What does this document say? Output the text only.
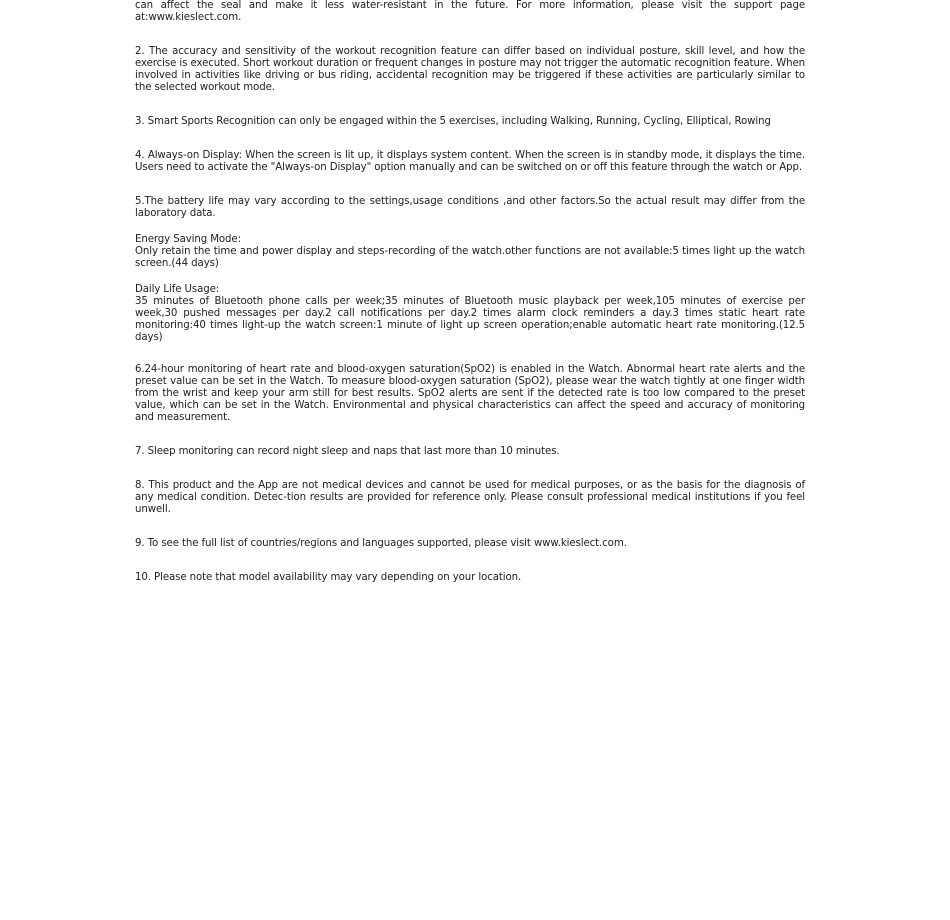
can affect the seal and make it less water-resistant in the future. For more information, please visit the support page at:www.kieslect.com.

2. The accuracy and sensitivity of the workout recognition feature can differ based on individual posture, skill level, and how the exercise is executed. Short workout duration or frequent changes in posture may not trigger the automatic recognition feature. When involved in activities like driving or bus riding, accidental recognition may be triggered if these activities are particularly similar to the selected workout mode.

3. Smart Sports Recognition can only be engaged within the 5 exercises, including Walking, Running, Cycling, Elliptical, Rowing

4. Always-on Display: When the screen is lit up, it displays system content. When the screen is in standby mode, it displays the time. Users need to activate the "Always-on Display" option manually and can be switched on or off this feature through the watch or App.

5.The battery life may vary according to the settings,usage conditions ,and other factors.So the actual result may differ from the laboratory data.

Energy Saving Mode:
Only retain the time and power display and steps-recording of the watch.other functions are not available:5 times light up the watch screen.(44 days)

Daily Life Usage:
35 minutes of Bluetooth phone calls per week;35 minutes of Bluetooth music playback per week,105 minutes of exercise per week,30 pushed messages per day.2 call notifications per day.2 times alarm clock reminders a day.3 times static heart rate monitoring:40 times light-up the watch screen:1 minute of light up screen operation;enable automatic heart rate monitoring.(12.5 days)

6.24-hour monitoring of heart rate and blood-oxygen saturation(SpO2) is enabled in the Watch. Abnormal heart rate alerts and the preset value can be set in the Watch. To measure blood-oxygen saturation (SpO2), please wear the watch tightly at one finger width from the wrist and keep your arm still for best results. SpO2 alerts are sent if the detected rate is too low compared to the preset value, which can be set in the Watch. Environmental and physical characteristics can affect the speed and accuracy of monitoring and measurement.

7. Sleep monitoring can record night sleep and naps that last more than 10 minutes.

8. This product and the App are not medical devices and cannot be used for medical purposes, or as the basis for the diagnosis of any medical condition. Detec-tion results are provided for reference only. Please consult professional medical institutions if you feel unwell.

9. To see the full list of countries/regions and languages supported, please visit www.kieslect.com.

10. Please note that model availability may vary depending on your location.
